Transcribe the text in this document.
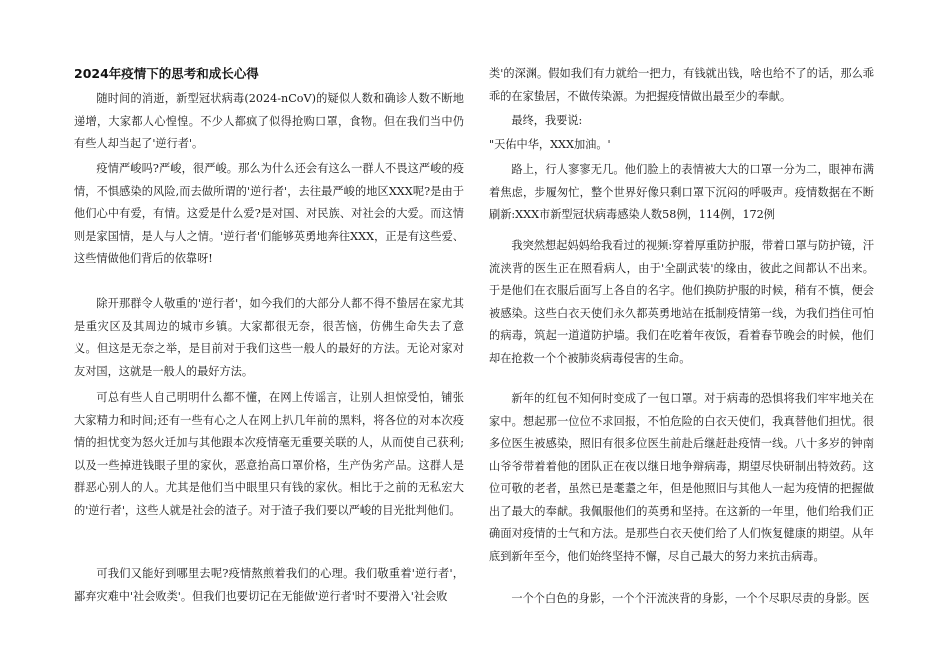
2024年疫情下的思考和成长心得

随时间的消逝，新型冠状病毒(2024-nCoV)的疑似人数和确诊人数不断地递增，大家都人心惶惶。不少人都疯了似得抢购口罩，食物。但在我们当中仍有些人却当起了'逆行者'。

疫情严峻吗?严峻，很严峻。那么为什么还会有这么一群人不畏这严峻的疫情，不惧感染的风险,而去做所谓的'逆行者'，去往最严峻的地区XXX呢?是由于他们心中有爱，有情。这爱是什么爱?是对国、对民族、对社会的大爱。而这情则是家国情，是人与人之情。'逆行者'们能够英勇地奔往XXX，正是有这些爱、这些情做他们背后的依靠呀!

除开那群令人敬重的'逆行者'，如今我们的大部分人都不得不蛰居在家尤其是重灾区及其周边的城市乡镇。大家都很无奈，很苦恼，仿佛生命失去了意义。但这是无奈之举，是目前对于我们这些一般人的最好的方法。无论对家对友对国，这就是一般人的最好方法。

可总有些人自己明明什么都不懂，在网上传谣言，让别人担惊受怕，铺张大家精力和时间;还有一些有心之人在网上扒几年前的黑料，将各位的对本次疫情的担忧变为怒火迁加与其他跟本次疫情毫无重要关联的人，从而使自己获利;以及一些掉进钱眼子里的家伙，恶意抬高口罩价格，生产伪劣产品。这群人是群恶心别人的人。尤其是他们当中眼里只有钱的家伙。相比于之前的无私宏大的'逆行者'，这些人就是社会的渣子。对于渣子我们要以严峻的目光批判他们。

可我们又能好到哪里去呢?疫情熬煎着我们的心理。我们敬重着'逆行者'，鄙弃灾难中'社会败类'。但我们也要切记在无能做'逆行者'时不要滑入'社会败

类'的深渊。假如我们有力就给一把力，有钱就出钱，啥也给不了的话，那么乖乖的在家蛰居，不做传染源。为把握疫情做出最至少的奉献。

最终，我要说:

"天佑中华，XXX加油。'

路上，行人寥寥无几。他们脸上的表情被大大的口罩一分为二，眼神布满着焦虑，步履匆忙，整个世界好像只剩口罩下沉闷的呼吸声。疫情数据在不断刷新:XXX市新型冠状病毒感染人数58例，114例，172例

我突然想起妈妈给我看过的视频:穿着厚重防护服，带着口罩与防护镜，汗流浃背的医生正在照看病人，由于'全副武装'的缘由，彼此之间都认不出来。于是他们在衣服后面写上各自的名字。他们换防护服的时候，稍有不慎，便会被感染。这些白衣天使们永久都英勇地站在抵制疫情第一线，为我们挡住可怕的病毒，筑起一道道防护墙。我们在吃着年夜饭，看着春节晚会的时候，他们却在抢救一个个被肺炎病毒侵害的生命。

新年的红包不知何时变成了一包口罩。对于病毒的恐惧将我们牢牢地关在家中。想起那一位位不求回报，不怕危险的白衣天使们，我真替他们担忧。很多位医生被感染，照旧有很多位医生前赴后继赶赴疫情一线。八十多岁的钟南山爷爷带着着他的团队正在夜以继日地争辩病毒，期望尽快研制出特效药。这位可敬的老者，虽然已是耄耋之年，但是他照旧与其他人一起为疫情的把握做出了最大的奉献。我佩服他们的英勇和坚持。在这新的一年里，他们给我们正确面对疫情的士气和方法。是那些白衣天使们给了人们恢复健康的期望。从年底到新年至今，他们始终坚持不懈，尽自己最大的努力来抗击病毒。

一个个白色的身影，一个个汗流浃背的身影，一个个尽职尽责的身影。医
